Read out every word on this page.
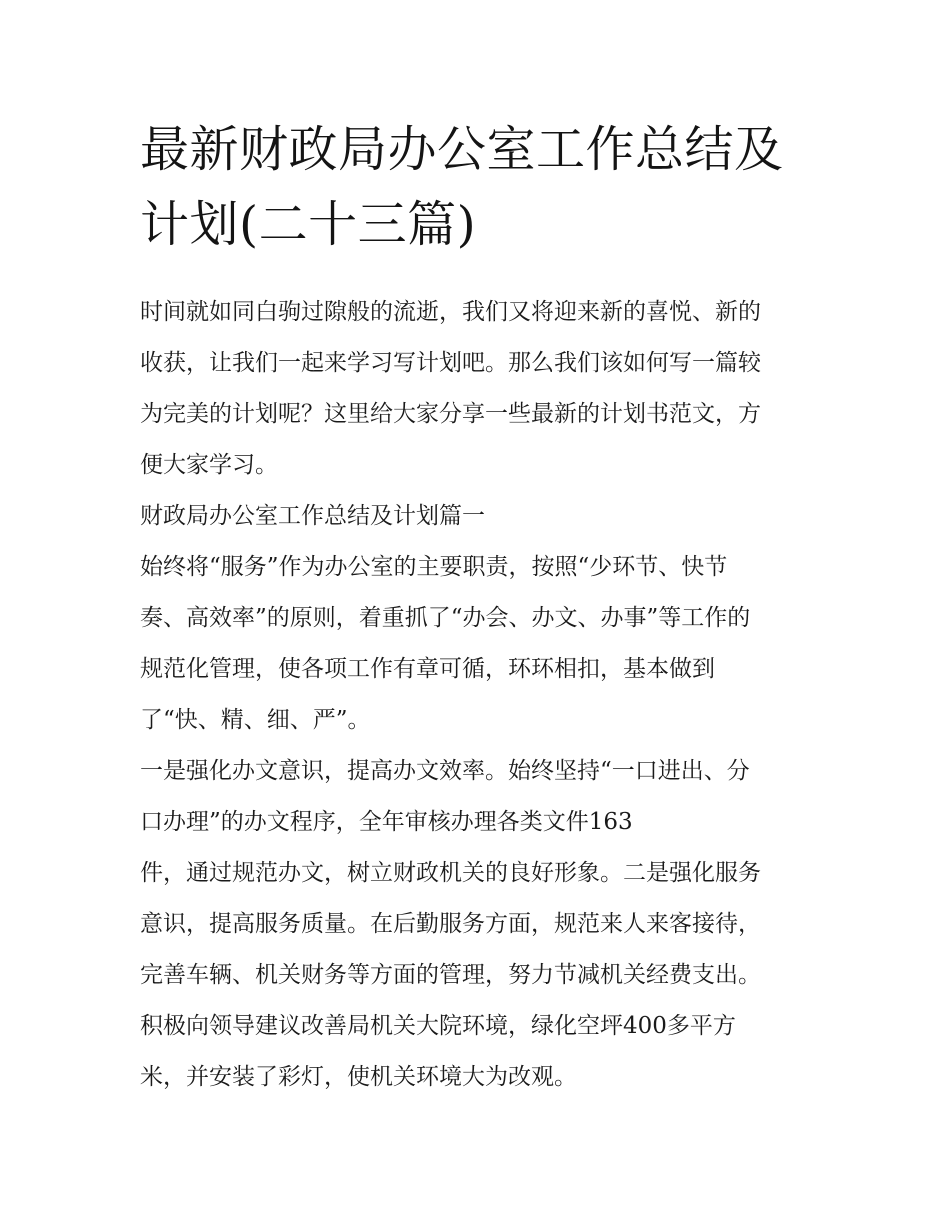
最新财政局办公室工作总结及
计划(二十三篇)
时间就如同白驹过隙般的流逝，我们又将迎来新的喜悦、新的
收获，让我们一起来学习写计划吧。那么我们该如何写一篇较
为完美的计划呢？这里给大家分享一些最新的计划书范文，方
便大家学习。
财政局办公室工作总结及计划篇一
始终将“服务”作为办公室的主要职责，按照“少环节、快节
奏、高效率”的原则，着重抓了“办会、办文、办事”等工作的
规范化管理，使各项工作有章可循，环环相扣，基本做到
了“快、精、细、严”。
一是强化办文意识，提高办文效率。始终坚持“一口进出、分
口办理”的办文程序，全年审核办理各类文件163
件，通过规范办文，树立财政机关的良好形象。二是强化服务
意识，提高服务质量。在后勤服务方面，规范来人来客接待，
完善车辆、机关财务等方面的管理，努力节减机关经费支出。
积极向领导建议改善局机关大院环境，绿化空坪400多平方
米，并安装了彩灯，使机关环境大为改观。
